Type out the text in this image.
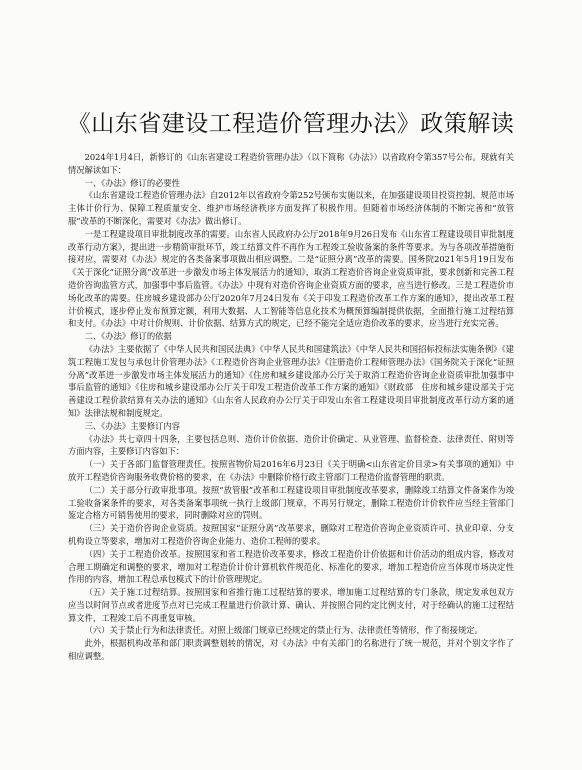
《山东省建设工程造价管理办法》政策解读

2024年1月4日，新修订的《山东省建设工程造价管理办法》（以下简称《办法》）以省政府令第357号公布。现就有关情况解读如下：

一、《办法》修订的必要性

《山东省建设工程造价管理办法》自2012年以省政府令第252号颁布实施以来，在加强建设项目投资控制、规范市场主体计价行为、保障工程质量安全、维护市场经济秩序方面发挥了积极作用。但随着市场经济体制的不断完善和“放管服”改革的不断深化，需要对《办法》做出修订。

一是工程建设项目审批制度改革的需要。山东省人民政府办公厅2018年9月26日发布《山东省工程建设项目审批制度改革行动方案》，提出进一步精简审批环节，竣工结算文件不再作为工程竣工验收备案的条件等要求。为与各项改革措施衔接对应，需要对《办法》规定的各类备案事项做出相应调整。二是“证照分离”改革的需要。国务院2021年5月19日发布《关于深化“证照分离”改革进一步激发市场主体发展活力的通知》，取消工程造价咨询企业资质审批，要求创新和完善工程造价咨询监管方式，加强事中事后监管。《办法》中现有对造价咨询企业资质方面的要求，应当进行修改。三是工程造价市场化改革的需要。住房城乡建设部办公厅2020年7月24日发布《关于印发工程造价改革工作方案的通知》，提出改革工程计价模式，逐步停止发布预算定额，利用大数据、人工智能等信息化技术为概预算编制提供依据，全面推行施工过程结算和支付。《办法》中对计价规则、计价依据、结算方式的规定，已经不能完全适应造价改革的要求，应当进行充实完善。

二、《办法》修订的依据

《办法》主要依据了《中华人民共和国民法典》《中华人民共和国建筑法》《中华人民共和国招标投标法实施条例》《建筑工程施工发包与承包计价管理办法》《工程造价咨询企业管理办法》《注册造价工程师管理办法》《国务院关于深化“证照分离”改革进一步激发市场主体发展活力的通知》《住房和城乡建设部办公厅关于取消工程造价咨询企业资质审批加强事中事后监管的通知》《住房和城乡建设部办公厅关于印发工程造价改革工作方案的通知》《财政部　住房和城乡建设部关于完善建设工程价款结算有关办法的通知》《山东省人民政府办公厅关于印发山东省工程建设项目审批制度改革行动方案的通知》法律法规和制度规定。

三、《办法》主要修订内容

《办法》共七章四十四条，主要包括总则、造价计价依据、造价计价确定、从业管理、监督检查、法律责任、附则等方面内容，主要修订内容如下：

（一）关于各部门监督管理责任。按照省物价局2016年6月23日《关于明确<山东省定价目录>有关事项的通知》中放开工程造价咨询服务收费价格的要求，在《办法》中删除价格行政主管部门工程造价监督管理的职责。

（二）关于部分行政审批事项。按照“放管服”改革和工程建设项目审批制度改革要求，删除竣工结算文件备案作为竣工验收备案条件的要求，对各类备案事项统一执行上级部门规章，不再另行规定，删除工程造价计价软件应当经主管部门鉴定合格方可销售使用的要求，同时删除对应的罚则。

（三）关于造价咨询企业资质。按照国家“证照分离”改革要求，删除对工程造价咨询企业资质许可、执业印章、分支机构设立等要求，增加对工程造价咨询企业能力、造价工程师的要求。

（四）关于工程造价改革。按照国家和省工程造价改革要求，修改工程造价计价依据和计价活动的组成内容，修改对合理工期确定和调整的要求，增加对工程造价计价计算机软件规范化、标准化的要求，增加工程造价应当体现市场决定性作用的内容，增加工程总承包模式下的计价管理规定。

（五）关于施工过程结算。按照国家和省推行施工过程结算的要求，增加施工过程结算的专门条款，规定发承包双方应当以时间节点或者进度节点对已完成工程量进行价款计算、确认、并按照合同约定比例支付，对于经确认的施工过程结算文件，工程竣工后不再重复审核。

（六）关于禁止行为和法律责任。对照上级部门规章已经规定的禁止行为、法律责任等情形，作了衔接规定。

此外，根据机构改革和部门职责调整划转的情况，对《办法》中有关部门的名称进行了统一规范，并对个别文字作了相应调整。
